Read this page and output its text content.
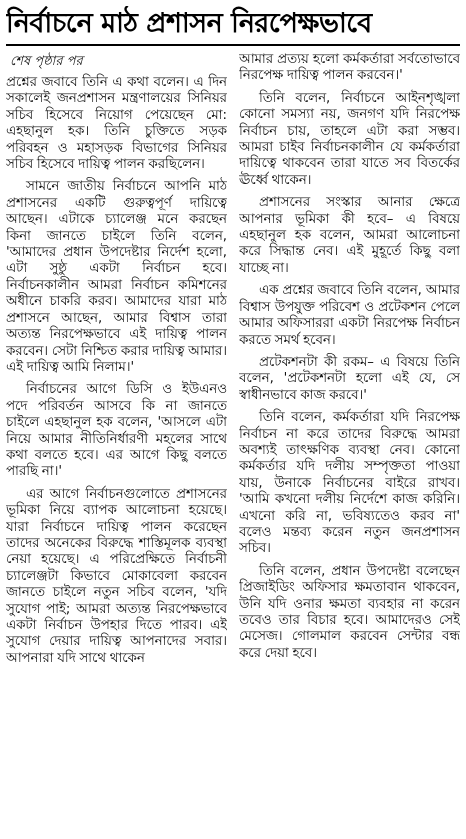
নির্বাচনে মাঠ প্রশাসন নিরপেক্ষভাবে
শেষ পৃষ্ঠার পর

প্রশ্নের জবাবে তিনি এ কথা বলেন। এ দিন সকালেই জনপ্রশাসন মন্ত্রণালয়ের সিনিয়র সচিব হিসেবে নিয়োগ পেয়েছেন মো: এহছানুল হক। তিনি চুক্তিতে সড়ক পরিবহন ও মহাসড়ক বিভাগের সিনিয়র সচিব হিসেবে দায়িত্ব পালন করছিলেন।

সামনে জাতীয় নির্বাচনে আপনি মাঠ প্রশাসনের একটি গুরুত্বপূর্ণ দায়িত্বে আছেন। এটাকে চ্যালেঞ্জ মনে করছেন কিনা জানতে চাইলে তিনি বলেন, 'আমাদের প্রধান উপদেষ্টার নির্দেশ হলো, এটা সুষ্ঠু একটা নির্বাচন হবে। নির্বাচনকালীন আমরা নির্বাচন কমিশনের অধীনে চাকরি করব। আমাদের যারা মাঠ প্রশাসনে আছেন, আমার বিশ্বাস তারা অত্যন্ত নিরপেক্ষভাবে এই দায়িত্ব পালন করবেন। সেটা নিশ্চিত করার দায়িত্ব আমার। এই দায়িত্ব আমি নিলাম।'

নির্বাচনের আগে ডিসি ও ইউএনও পদে পরিবর্তন আসবে কি না জানতে চাইলে এহছানুল হক বলেন, 'আসলে এটা নিয়ে আমার নীতিনির্ধারণী মহলের সাথে কথা বলতে হবে। এর আগে কিছু বলতে পারছি না।'

এর আগে নির্বাচনগুলোতে প্রশাসনের ভূমিকা নিয়ে ব্যাপক আলোচনা হয়েছে। যারা নির্বাচনে দায়িত্ব পালন করেছেন তাদের অনেকের বিরুদ্ধে শাস্তিমূলক ব্যবস্থা নেয়া হয়েছে। এ পরিপ্রেক্ষিতে নির্বাচনী চ্যালেঞ্জটা কিভাবে মোকাবেলা করবেন জানতে চাইলে নতুন সচিব বলেন, 'যদি সুযোগ পাই; আমরা অত্যন্ত নিরপেক্ষভাবে একটা নির্বাচন উপহার দিতে পারব। এই সুযোগ দেয়ার দায়িত্ব আপনাদের সবার। আপনারা যদি সাথে থাকেন

আমার প্রত্যয় হলো কর্মকর্তারা সর্বতোভাবে নিরপেক্ষ দায়িত্ব পালন করবেন।'

তিনি বলেন, নির্বাচনে আইনশৃঙ্খলা কোনো সমস্যা নয়, জনগণ যদি নিরপেক্ষ নির্বাচন চায়, তাহলে এটা করা সম্ভব। আমরা চাইব নির্বাচনকালীন যে কর্মকর্তারা দায়িত্বে থাকবেন তারা যাতে সব বিতর্কের ঊর্ধ্বে থাকেন।

প্রশাসনের সংস্কার আনার ক্ষেত্রে আপনার ভূমিকা কী হবে– এ বিষয়ে এহছানুল হক বলেন, আমরা আলোচনা করে সিদ্ধান্ত নেব। এই মুহূর্তে কিছু বলা যাচ্ছে না।

এক প্রশ্নের জবাবে তিনি বলেন, আমার বিশ্বাস উপযুক্ত পরিবেশ ও প্রটেকশন পেলে আমার অফিসাররা একটা নিরপেক্ষ নির্বাচন করতে সমর্থ হবেন।

প্রটেকশনটা কী রকম– এ বিষয়ে তিনি বলেন, 'প্রটেকশনটা হলো এই যে, সে স্বাধীনভাবে কাজ করবে।'

তিনি বলেন, কর্মকর্তারা যদি নিরপেক্ষ নির্বাচন না করে তাদের বিরুদ্ধে আমরা অবশ্যই তাৎক্ষণিক ব্যবস্থা নেব। কোনো কর্মকর্তার যদি দলীয় সম্পৃক্ততা পাওয়া যায়, উনাকে নির্বাচনের বাইরে রাখব। 'আমি কখনো দলীয় নির্দেশে কাজ করিনি। এখনো করি না, ভবিষ্যতেও করব না' বলেও মন্তব্য করেন নতুন জনপ্রশাসন সচিব।

তিনি বলেন, প্রধান উপদেষ্টা বলেছেন প্রিজাইডিং অফিসার ক্ষমতাবান থাকবেন, উনি যদি ওনার ক্ষমতা ব্যবহার না করেন তবেও তার বিচার হবে। আমাদেরও সেই মেসেজ। গোলমাল করবেন সেন্টার বন্ধ করে দেয়া হবে।
